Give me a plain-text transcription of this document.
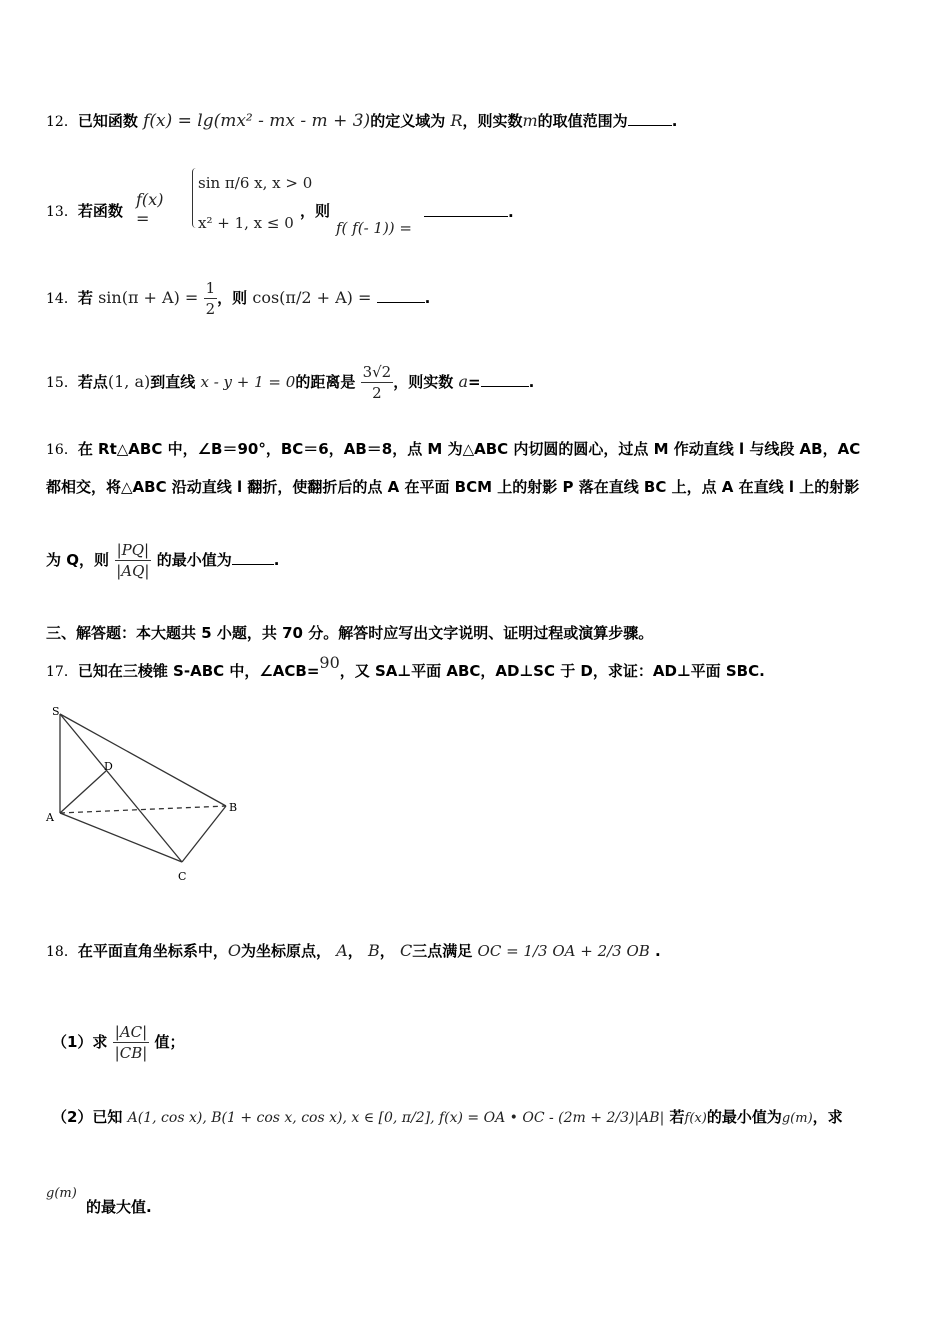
12．已知函数 f(x) = lg(mx² - mx - m + 3)的定义域为 R，则实数m的取值范围为	.
13．若函数
f(x) =
sin π/6 x, x > 0
x² + 1, x ≤ 0
，则
f( f(- 1)) =
.
14．若 $\sin(\pi + A) = \frac{1}{2}$ ，则 cos(π/2 + A) =	.
15．若点(1, a)到直线 x - y + 1 = 0的距离是 $\frac{3√2}{2}$ ，则实数 a=	.
16．在 Rt△ABC 中，∠B＝90°，BC＝6，AB＝8，点 M 为△ABC 内切圆的圆心，过点 M 作动直线 l 与线段 AB，AC
都相交，将△ABC 沿动直线 l 翻折，使翻折后的点 A 在平面 BCM 上的射影 P 落在直线 BC 上，点 A 在直线 l 上的射影
为 Q，则 $\frac{|PQ|}{|AQ|}$ 的最小值为	.
三、解答题：本大题共 5 小题，共 70 分。解答时应写出文字说明、证明过程或演算步骤。
17．已知在三棱锥 S-ABC 中，∠ACB=90，又 SA⊥平面 ABC，AD⊥SC 于 D，求证：AD⊥平面 SBC.
S
D
A
B
C
18．在平面直角坐标系中，O为坐标原点， A， B， C三点满足 OC = 1/3 OA + 2/3 OB .
（1）求 $\frac{|AC|}{|CB|}$ 值；
（2）已知 A(1, cos x), B(1 + cos x, cos x), x ∈ [0, π/2], f(x) = OA • OC - (2m + 2/3)|AB| 若f(x)的最小值为g(m)，求
g(m)
的最大值.
